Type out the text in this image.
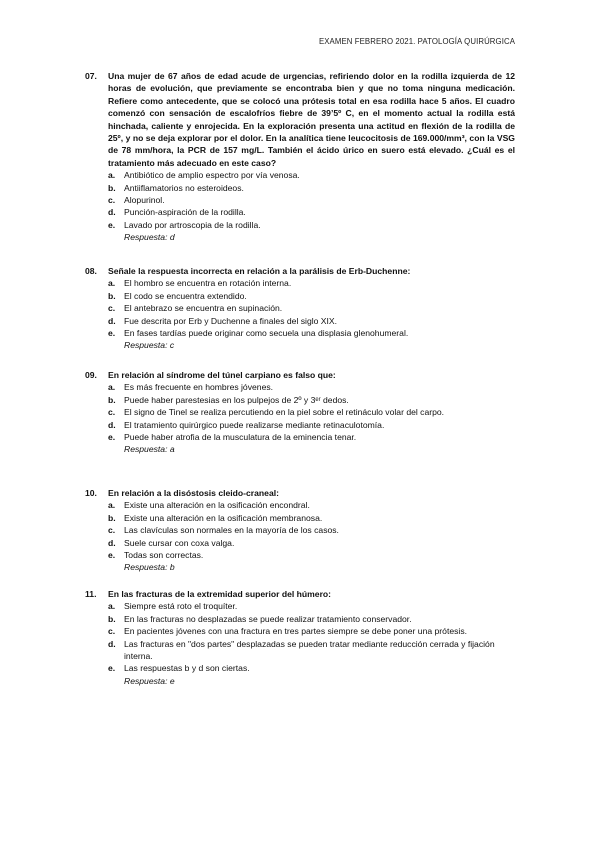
EXAMEN FEBRERO 2021. PATOLOGÍA QUIRÚRGICA
07.	Una mujer de 67 años de edad acude de urgencias, refiriendo dolor en la rodilla izquierda de 12 horas de evolución, que previamente se encontraba bien y que no toma ninguna medicación. Refiere como antecedente, que se colocó una prótesis total en esa rodilla hace 5 años. El cuadro comenzó con sensación de escalofríos fiebre de 39’5º C, en el momento actual la rodilla está hinchada, caliente y enrojecida. En la exploración presenta una actitud en flexión de la rodilla de 25º, y no se deja explorar por el dolor. En la analítica tiene leucocitosis de 169.000/mm³, con la VSG de 78 mm/hora, la PCR de 157 mg/L. También el ácido úrico en suero está elevado. ¿Cuál es el tratamiento más adecuado en este caso?
a. Antibiótico de amplio espectro por vía venosa.
b. Antiiflamatorios no esteroideos.
c. Alopurinol.
d. Punción-aspiración de la rodilla.
e. Lavado por artroscopia de la rodilla.
Respuesta: d
08.	Señale la respuesta incorrecta en relación a la parálisis de Erb-Duchenne:
a. El hombro se encuentra en rotación interna.
b. El codo se encuentra extendido.
c. El antebrazo se encuentra en supinación.
d. Fue descrita por Erb y Duchenne a finales del siglo XIX.
e. En fases tardías puede originar como secuela una displasia glenohumeral.
Respuesta: c
09.	En relación al síndrome del túnel carpiano es falso que:
a. Es más frecuente en hombres jóvenes.
b. Puede haber parestesias en los pulpejos de 2º y 3ᵉʳ dedos.
c. El signo de Tinel se realiza percutiendo en la piel sobre el retináculo volar del carpo.
d. El tratamiento quirúrgico puede realizarse mediante retinaculotomía.
e. Puede haber atrofia de la musculatura de la eminencia tenar.
Respuesta: a
10.	En relación a la disóstosis cleido-craneal:
a. Existe una alteración en la osificación encondral.
b. Existe una alteración en la osificación membranosa.
c. Las clavículas son normales en la mayoría de los casos.
d. Suele cursar con coxa valga.
e. Todas son correctas.
Respuesta: b
11.	En las fracturas de la extremidad superior del húmero:
a. Siempre está roto el troquíter.
b. En las fracturas no desplazadas se puede realizar tratamiento conservador.
c. En pacientes jóvenes con una fractura en tres partes siempre se debe poner una prótesis.
d. Las fracturas en "dos partes" desplazadas se pueden tratar mediante reducción cerrada y fijación interna.
e. Las respuestas b y d son ciertas.
Respuesta: e
